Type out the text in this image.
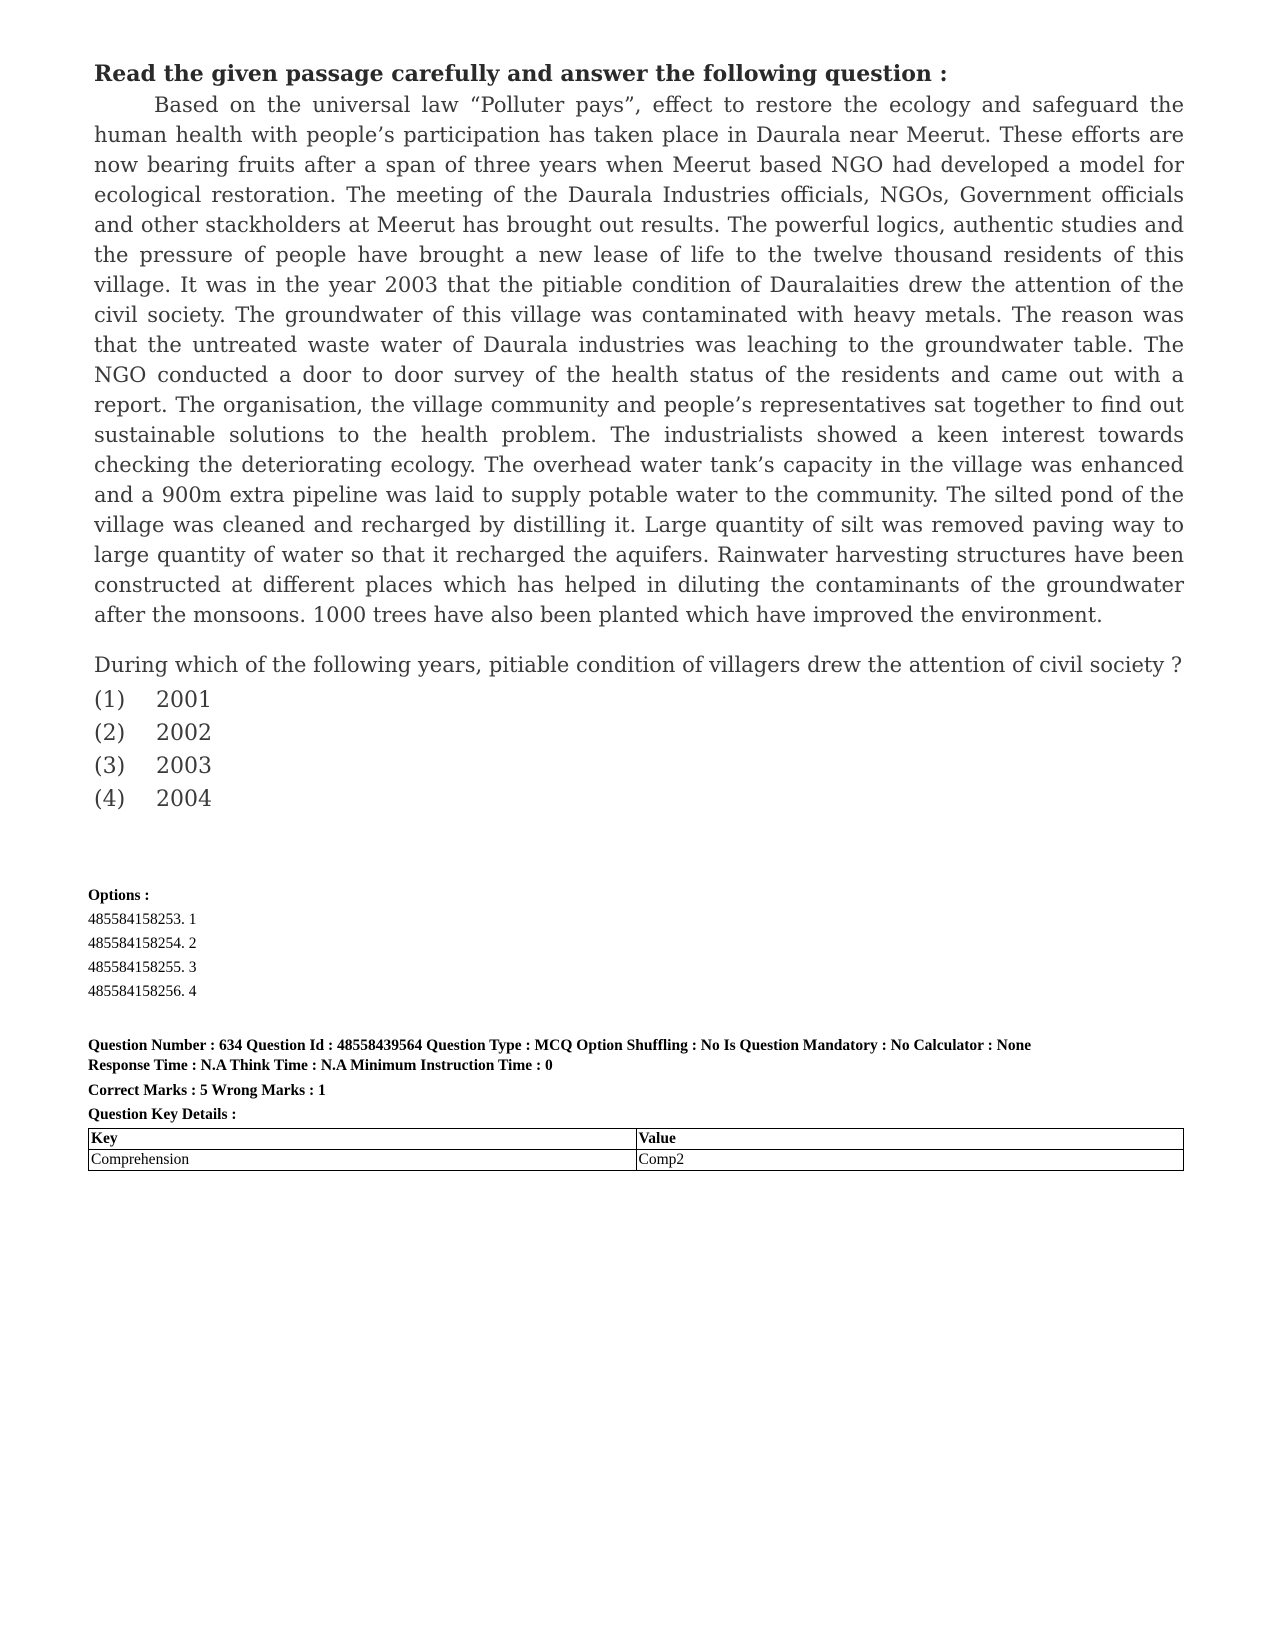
Read the given passage carefully and answer the following question :

Based on the universal law “Polluter pays”, effect to restore the ecology and safeguard the human health with people’s participation has taken place in Daurala near Meerut. These efforts are now bearing fruits after a span of three years when Meerut based NGO had developed a model for ecological restoration. The meeting of the Daurala Industries officials, NGOs, Government officials and other stackholders at Meerut has brought out results. The powerful logics, authentic studies and the pressure of people have brought a new lease of life to the twelve thousand residents of this village. It was in the year 2003 that the pitiable condition of Dauralaities drew the attention of the civil society. The groundwater of this village was contaminated with heavy metals. The reason was that the untreated waste water of Daurala industries was leaching to the groundwater table. The NGO conducted a door to door survey of the health status of the residents and came out with a report. The organisation, the village community and people’s representatives sat together to find out sustainable solutions to the health problem. The industrialists showed a keen interest towards checking the deteriorating ecology. The overhead water tank’s capacity in the village was enhanced and a 900m extra pipeline was laid to supply potable water to the community. The silted pond of the village was cleaned and recharged by distilling it. Large quantity of silt was removed paving way to large quantity of water so that it recharged the aquifers. Rainwater harvesting structures have been constructed at different places which has helped in diluting the contaminants of the groundwater after the monsoons. 1000 trees have also been planted which have improved the environment.

During which of the following years, pitiable condition of villagers drew the attention of civil society ?

(1)	2001
(2)	2002
(3)	2003
(4)	2004
Options :
485584158253. 1
485584158254. 2
485584158255. 3
485584158256. 4
Question Number : 634 Question Id : 48558439564 Question Type : MCQ Option Shuffling : No Is Question Mandatory : No Calculator : None
Response Time : N.A Think Time : N.A Minimum Instruction Time : 0
Correct Marks : 5 Wrong Marks : 1
Question Key Details :
Key	Value
Comprehension	Comp2
